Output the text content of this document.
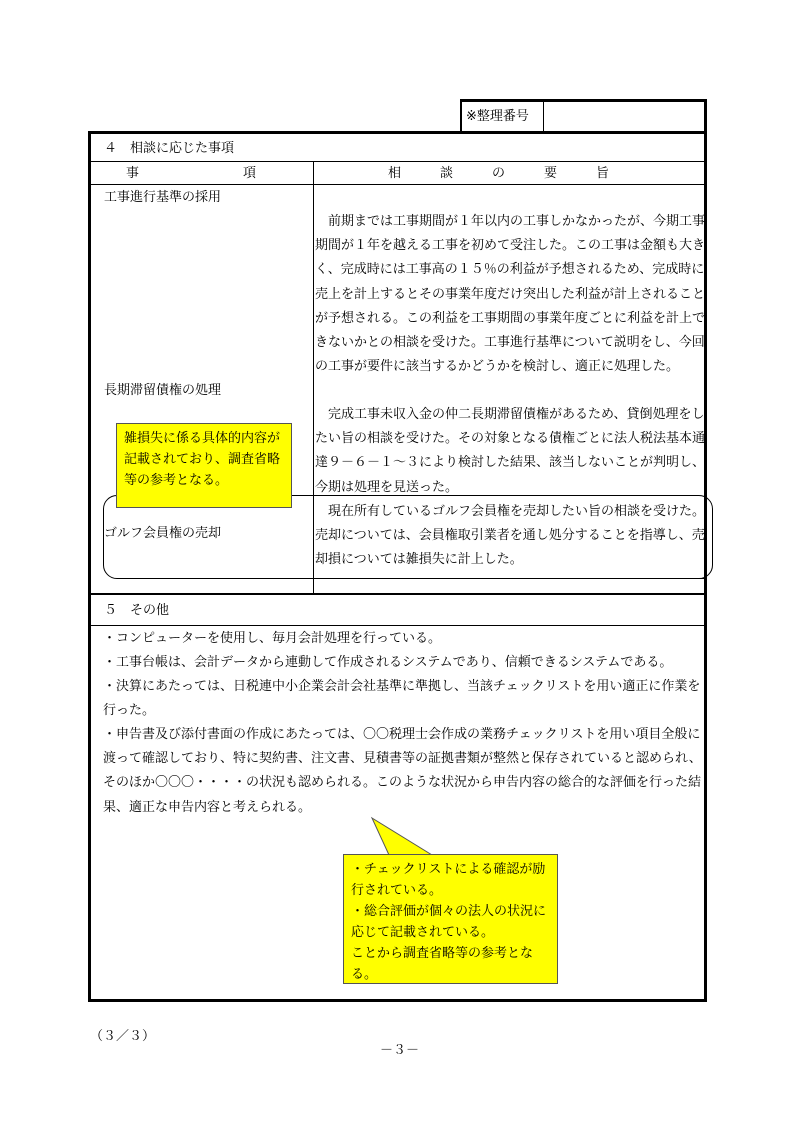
※整理番号
４　相談に応じた事項
事　　　　　　　　項	相　　　談　　　の　　　要　　　旨
工事進行基準の採用
長期滞留債権の処理
ゴルフ会員権の売却
　前期までは工事期間が１年以内の工事しかなかったが、今期工事期間が１年を越える工事を初めて受注した。この工事は金額も大きく、完成時には工事高の１５％の利益が予想されるため、完成時に売上を計上するとその事業年度だけ突出した利益が計上されることが予想される。この利益を工事期間の事業年度ごとに利益を計上できないかとの相談を受けた。工事進行基準について説明をし、今回の工事が要件に該当するかどうかを検討し、適正に処理した。
　完成工事未収入金の仲二長期滞留債権があるため、貸倒処理をしたい旨の相談を受けた。その対象となる債権ごとに法人税法基本通達９－６－１～３により検討した結果、該当しないことが判明し、今期は処理を見送った。
　現在所有しているゴルフ会員権を売却したい旨の相談を受けた。売却については、会員権取引業者を通し処分することを指導し、売却損については雑損失に計上した。
雑損失に係る具体的内容が記載されており、調査省略等の参考となる。
５　その他
・コンピューターを使用し、毎月会計処理を行っている。
・工事台帳は、会計データから連動して作成されるシステムであり、信頼できるシステムである。
・決算にあたっては、日税連中小企業会計会社基準に準拠し、当該チェックリストを用い適正に作業を行った。
・申告書及び添付書面の作成にあたっては、〇〇税理士会作成の業務チェックリストを用い項目全般に渡って確認しており、特に契約書、注文書、見積書等の証拠書類が整然と保存されていると認められ、そのほか〇〇〇・・・・の状況も認められる。このような状況から申告内容の総合的な評価を行った結果、適正な申告内容と考えられる。
・チェックリストによる確認が励行されている。
・総合評価が個々の法人の状況に応じて記載されている。
ことから調査省略等の参考となる。
（３／３）
－３－
